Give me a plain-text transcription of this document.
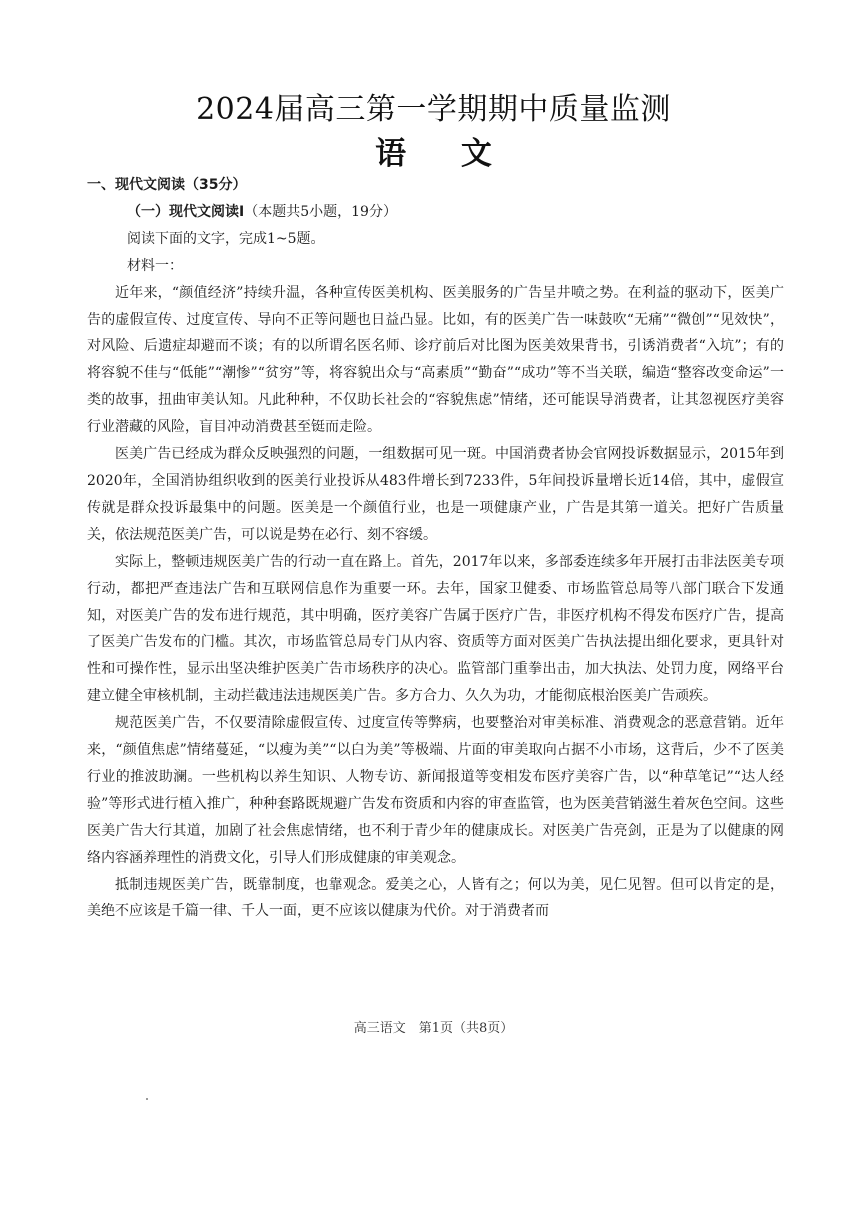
2024届高三第一学期期中质量监测
语 文

一、现代文阅读（35分）

（一）现代文阅读Ⅰ（本题共5小题，19分）

阅读下面的文字，完成1~5题。

材料一：

近年来，“颜值经济”持续升温，各种宣传医美机构、医美服务的广告呈井喷之势。在利益的驱动下，医美广告的虚假宣传、过度宣传、导向不正等问题也日益凸显。比如，有的医美广告一味鼓吹“无痛”“微创”“见效快”，对风险、后遗症却避而不谈；有的以所谓名医名师、诊疗前后对比图为医美效果背书，引诱消费者“入坑”；有的将容貌不佳与“低能”“潮惨”“贫穷”等，将容貌出众与“高素质”“勤奋”“成功”等不当关联，编造“整容改变命运”一类的故事，扭曲审美认知。凡此种种，不仅助长社会的“容貌焦虑”情绪，还可能误导消费者，让其忽视医疗美容行业潜藏的风险，盲目冲动消费甚至铤而走险。

医美广告已经成为群众反映强烈的问题，一组数据可见一斑。中国消费者协会官网投诉数据显示，2015年到2020年，全国消协组织收到的医美行业投诉从483件增长到7233件，5年间投诉量增长近14倍，其中，虚假宣传就是群众投诉最集中的问题。医美是一个颜值行业，也是一项健康产业，广告是其第一道关。把好广告质量关，依法规范医美广告，可以说是势在必行、刻不容缓。

实际上，整顿违规医美广告的行动一直在路上。首先，2017年以来，多部委连续多年开展打击非法医美专项行动，都把严查违法广告和互联网信息作为重要一环。去年，国家卫健委、市场监管总局等八部门联合下发通知，对医美广告的发布进行规范，其中明确，医疗美容广告属于医疗广告，非医疗机构不得发布医疗广告，提高了医美广告发布的门槛。其次，市场监管总局专门从内容、资质等方面对医美广告执法提出细化要求，更具针对性和可操作性，显示出坚决维护医美广告市场秩序的决心。监管部门重拳出击，加大执法、处罚力度，网络平台建立健全审核机制，主动拦截违法违规医美广告。多方合力、久久为功，才能彻底根治医美广告顽疾。

规范医美广告，不仅要清除虚假宣传、过度宣传等弊病，也要整治对审美标准、消费观念的恶意营销。近年来，“颜值焦虑”情绪蔓延，“以瘦为美”“以白为美”等极端、片面的审美取向占据不小市场，这背后，少不了医美行业的推波助澜。一些机构以养生知识、人物专访、新闻报道等变相发布医疗美容广告，以“种草笔记”“达人经验”等形式进行植入推广，种种套路既规避广告发布资质和内容的审查监管，也为医美营销滋生着灰色空间。这些医美广告大行其道，加剧了社会焦虑情绪，也不利于青少年的健康成长。对医美广告亮剑，正是为了以健康的网络内容涵养理性的消费文化，引导人们形成健康的审美观念。

抵制违规医美广告，既靠制度，也靠观念。爱美之心，人皆有之；何以为美，见仁见智。但可以肯定的是，美绝不应该是千篇一律、千人一面，更不应该以健康为代价。对于消费者而

高三语文　第1页（共8页）
